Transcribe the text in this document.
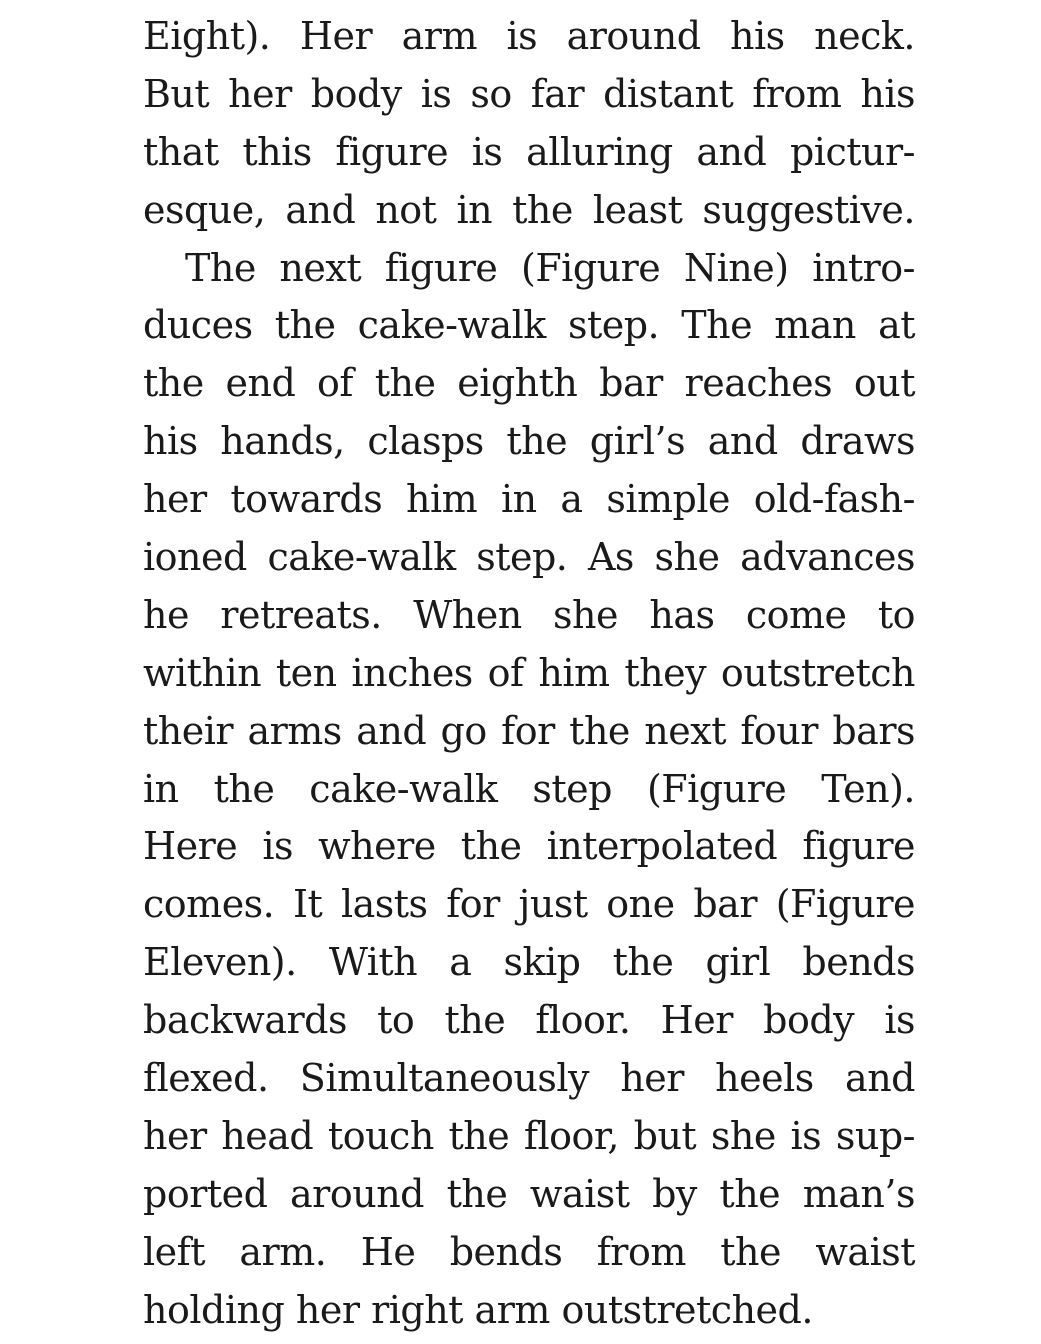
Eight). Her arm is around his neck.
But her body is so far distant from his
that this figure is alluring and pictur-
esque, and not in the least suggestive.
The next figure (Figure Nine) intro-
duces the cake-walk step. The man at
the end of the eighth bar reaches out
his hands, clasps the girl’s and draws
her towards him in a simple old-fash-
ioned cake-walk step. As she advances
he retreats. When she has come to
within ten inches of him they outstretch
their arms and go for the next four bars
in the cake-walk step (Figure Ten).
Here is where the interpolated figure
comes. It lasts for just one bar (Figure
Eleven). With a skip the girl bends
backwards to the floor. Her body is
flexed. Simultaneously her heels and
her head touch the floor, but she is sup-
ported around the waist by the man’s
left arm. He bends from the waist
holding her right arm outstretched.
